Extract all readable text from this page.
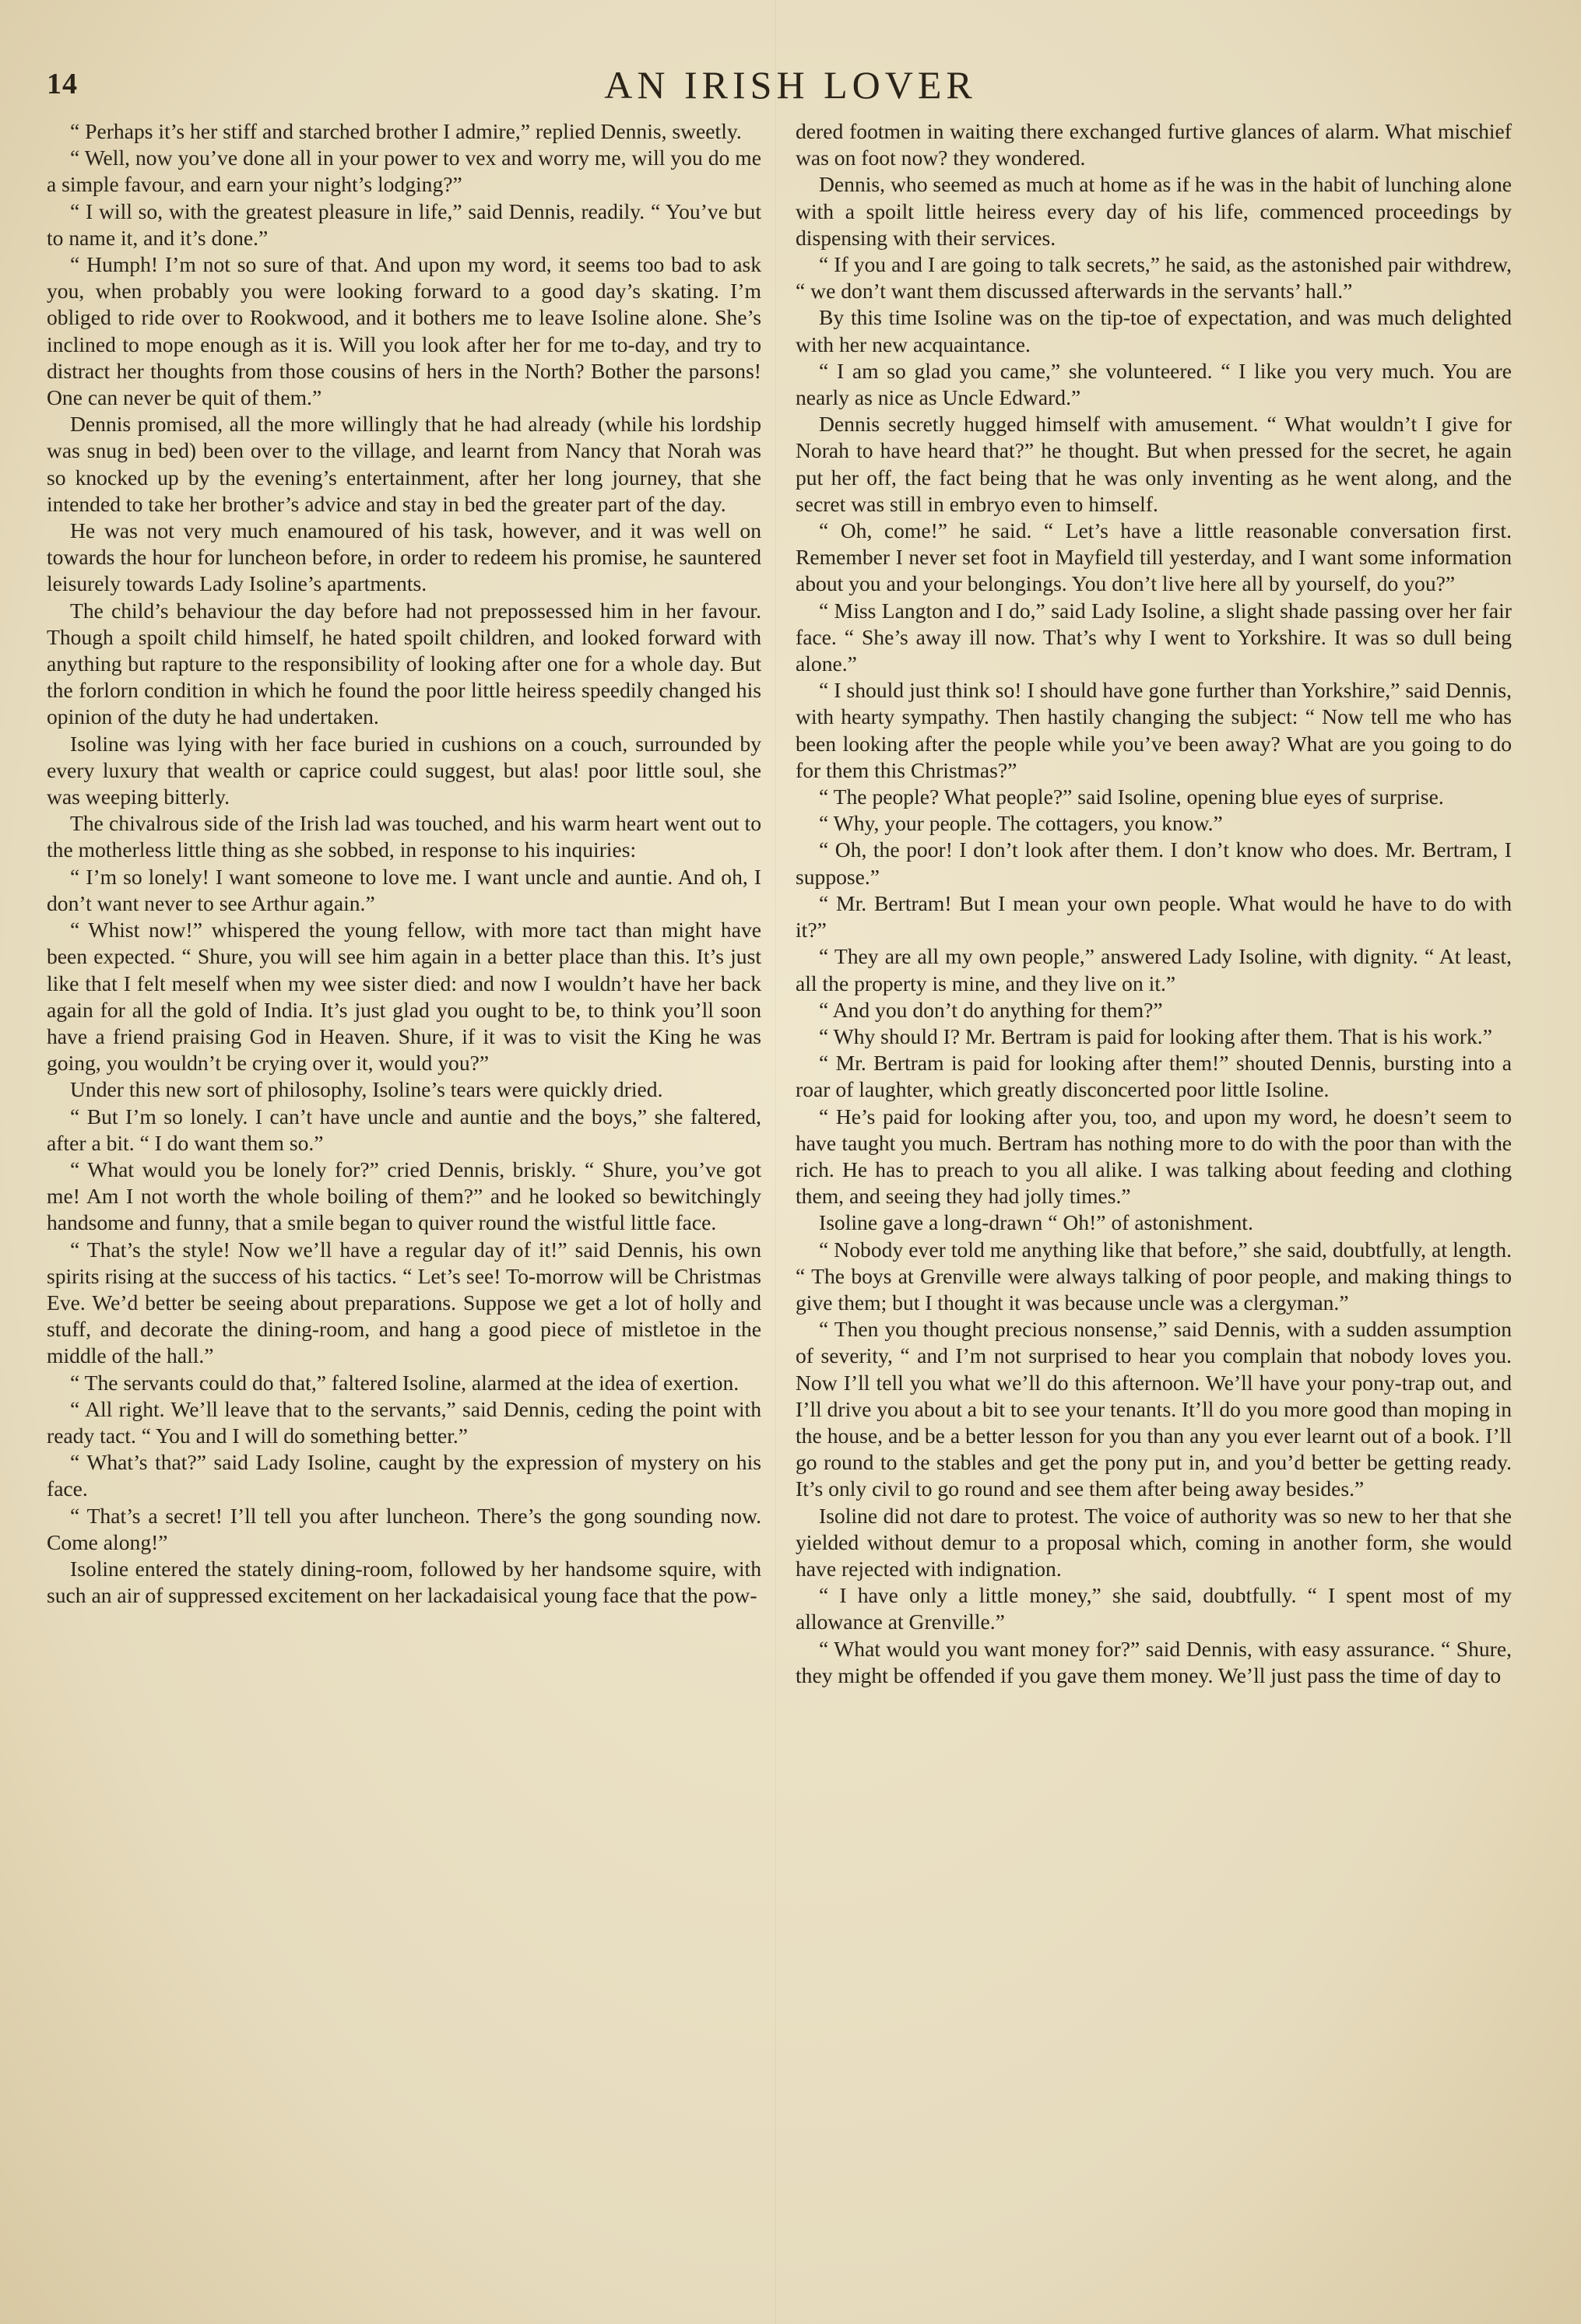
14	AN IRISH LOVER

“ Perhaps it’s her stiff and starched brother I admire,” replied Dennis, sweetly.

“ Well, now you’ve done all in your power to vex and worry me, will you do me a simple favour, and earn your night’s lodging?”

“ I will so, with the greatest pleasure in life,” said Dennis, readily. “ You’ve but to name it, and it’s done.”

“ Humph! I’m not so sure of that. And upon my word, it seems too bad to ask you, when probably you were looking forward to a good day’s skating. I’m obliged to ride over to Rookwood, and it bothers me to leave Isoline alone. She’s inclined to mope enough as it is. Will you look after her for me to-day, and try to distract her thoughts from those cousins of hers in the North? Bother the parsons! One can never be quit of them.”

Dennis promised, all the more willingly that he had already (while his lordship was snug in bed) been over to the village, and learnt from Nancy that Norah was so knocked up by the evening’s entertainment, after her long journey, that she intended to take her brother’s advice and stay in bed the greater part of the day.

He was not very much enamoured of his task, however, and it was well on towards the hour for luncheon before, in order to redeem his promise, he sauntered leisurely towards Lady Isoline’s apartments.

The child’s behaviour the day before had not prepossessed him in her favour. Though a spoilt child himself, he hated spoilt children, and looked forward with anything but rapture to the responsibility of looking after one for a whole day. But the forlorn condition in which he found the poor little heiress speedily changed his opinion of the duty he had undertaken.

Isoline was lying with her face buried in cushions on a couch, surrounded by every luxury that wealth or caprice could suggest, but alas! poor little soul, she was weeping bitterly.

The chivalrous side of the Irish lad was touched, and his warm heart went out to the motherless little thing as she sobbed, in response to his inquiries:

“ I’m so lonely! I want someone to love me. I want uncle and auntie. And oh, I don’t want never to see Arthur again.”

“ Whist now!” whispered the young fellow, with more tact than might have been expected. “ Shure, you will see him again in a better place than this. It’s just like that I felt meself when my wee sister died: and now I wouldn’t have her back again for all the gold of India. It’s just glad you ought to be, to think you’ll soon have a friend praising God in Heaven. Shure, if it was to visit the King he was going, you wouldn’t be crying over it, would you?”

Under this new sort of philosophy, Isoline’s tears were quickly dried.

“ But I’m so lonely. I can’t have uncle and auntie and the boys,” she faltered, after a bit. “ I do want them so.”

“ What would you be lonely for?” cried Dennis, briskly. “ Shure, you’ve got me! Am I not worth the whole boiling of them?” and he looked so bewitchingly handsome and funny, that a smile began to quiver round the wistful little face.

“ That’s the style! Now we’ll have a regular day of it!” said Dennis, his own spirits rising at the success of his tactics. “ Let’s see! To-morrow will be Christmas Eve. We’d better be seeing about preparations. Suppose we get a lot of holly and stuff, and decorate the dining-room, and hang a good piece of mistletoe in the middle of the hall.”

“ The servants could do that,” faltered Isoline, alarmed at the idea of exertion.

“ All right. We’ll leave that to the servants,” said Dennis, ceding the point with ready tact. “ You and I will do something better.”

“ What’s that?” said Lady Isoline, caught by the expression of mystery on his face.

“ That’s a secret! I’ll tell you after luncheon. There’s the gong sounding now. Come along!”

Isoline entered the stately dining-room, followed by her handsome squire, with such an air of suppressed excitement on her lackadaisical young face that the pow-

dered footmen in waiting there exchanged furtive glances of alarm. What mischief was on foot now? they wondered.

Dennis, who seemed as much at home as if he was in the habit of lunching alone with a spoilt little heiress every day of his life, commenced proceedings by dispensing with their services.

“ If you and I are going to talk secrets,” he said, as the astonished pair withdrew, “ we don’t want them discussed afterwards in the servants’ hall.”

By this time Isoline was on the tip-toe of expectation, and was much delighted with her new acquaintance.

“ I am so glad you came,” she volunteered. “ I like you very much. You are nearly as nice as Uncle Edward.”

Dennis secretly hugged himself with amusement. “ What wouldn’t I give for Norah to have heard that?” he thought. But when pressed for the secret, he again put her off, the fact being that he was only inventing as he went along, and the secret was still in embryo even to himself.

“ Oh, come!” he said. “ Let’s have a little reasonable conversation first. Remember I never set foot in Mayfield till yesterday, and I want some information about you and your belongings. You don’t live here all by yourself, do you?”

“ Miss Langton and I do,” said Lady Isoline, a slight shade passing over her fair face. “ She’s away ill now. That’s why I went to Yorkshire. It was so dull being alone.”

“ I should just think so! I should have gone further than Yorkshire,” said Dennis, with hearty sympathy. Then hastily changing the subject: “ Now tell me who has been looking after the people while you’ve been away? What are you going to do for them this Christmas?”

“ The people? What people?” said Isoline, opening blue eyes of surprise.

“ Why, your people. The cottagers, you know.”

“ Oh, the poor! I don’t look after them. I don’t know who does. Mr. Bertram, I suppose.”

“ Mr. Bertram! But I mean your own people. What would he have to do with it?”

“ They are all my own people,” answered Lady Isoline, with dignity. “ At least, all the property is mine, and they live on it.”

“ And you don’t do anything for them?”

“ Why should I? Mr. Bertram is paid for looking after them. That is his work.”

“ Mr. Bertram is paid for looking after them!” shouted Dennis, bursting into a roar of laughter, which greatly disconcerted poor little Isoline.

“ He’s paid for looking after you, too, and upon my word, he doesn’t seem to have taught you much. Bertram has nothing more to do with the poor than with the rich. He has to preach to you all alike. I was talking about feeding and clothing them, and seeing they had jolly times.”

Isoline gave a long-drawn “ Oh!” of astonishment.

“ Nobody ever told me anything like that before,” she said, doubtfully, at length. “ The boys at Grenville were always talking of poor people, and making things to give them; but I thought it was because uncle was a clergyman.”

“ Then you thought precious nonsense,” said Dennis, with a sudden assumption of severity, “ and I’m not surprised to hear you complain that nobody loves you. Now I’ll tell you what we’ll do this afternoon. We’ll have your pony-trap out, and I’ll drive you about a bit to see your tenants. It’ll do you more good than moping in the house, and be a better lesson for you than any you ever learnt out of a book. I’ll go round to the stables and get the pony put in, and you’d better be getting ready. It’s only civil to go round and see them after being away besides.”

Isoline did not dare to protest. The voice of authority was so new to her that she yielded without demur to a proposal which, coming in another form, she would have rejected with indignation.

“ I have only a little money,” she said, doubtfully. “ I spent most of my allowance at Grenville.”

“ What would you want money for?” said Dennis, with easy assurance. “ Shure, they might be offended if you gave them money. We’ll just pass the time of day to
